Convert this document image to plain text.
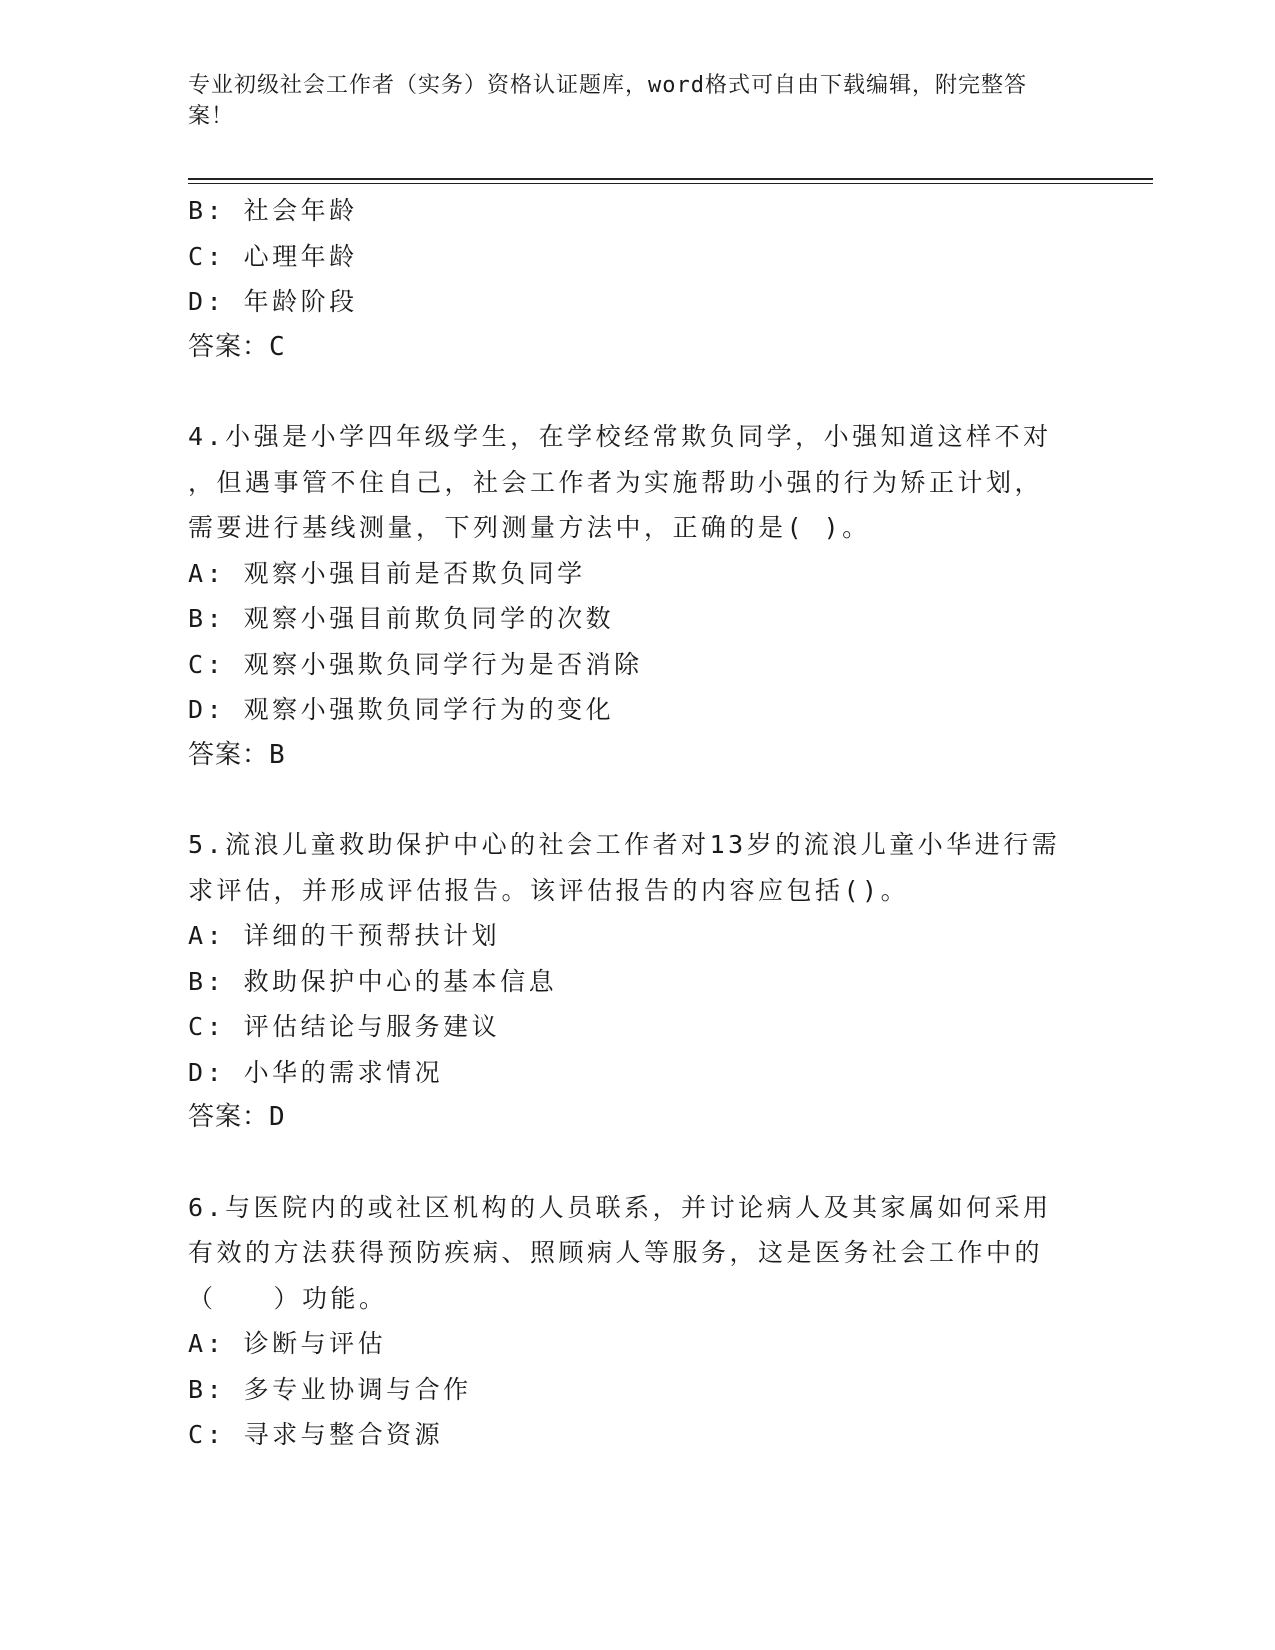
专业初级社会工作者（实务）资格认证题库，word格式可自由下载编辑，附完整答案！
B: 社会年龄
C: 心理年龄
D: 年龄阶段
答案：C
4.小强是小学四年级学生，在学校经常欺负同学，小强知道这样不对
，但遇事管不住自己，社会工作者为实施帮助小强的行为矫正计划，
需要进行基线测量，下列测量方法中，正确的是( )。
A: 观察小强目前是否欺负同学
B: 观察小强目前欺负同学的次数
C: 观察小强欺负同学行为是否消除
D: 观察小强欺负同学行为的变化
答案：B
5.流浪儿童救助保护中心的社会工作者对13岁的流浪儿童小华进行需
求评估，并形成评估报告。该评估报告的内容应包括()。
A: 详细的干预帮扶计划
B: 救助保护中心的基本信息
C: 评估结论与服务建议
D: 小华的需求情况
答案：D
6.与医院内的或社区机构的人员联系，并讨论病人及其家属如何采用
有效的方法获得预防疾病、照顾病人等服务，这是医务社会工作中的
（　　）功能。
A: 诊断与评估
B: 多专业协调与合作
C: 寻求与整合资源
